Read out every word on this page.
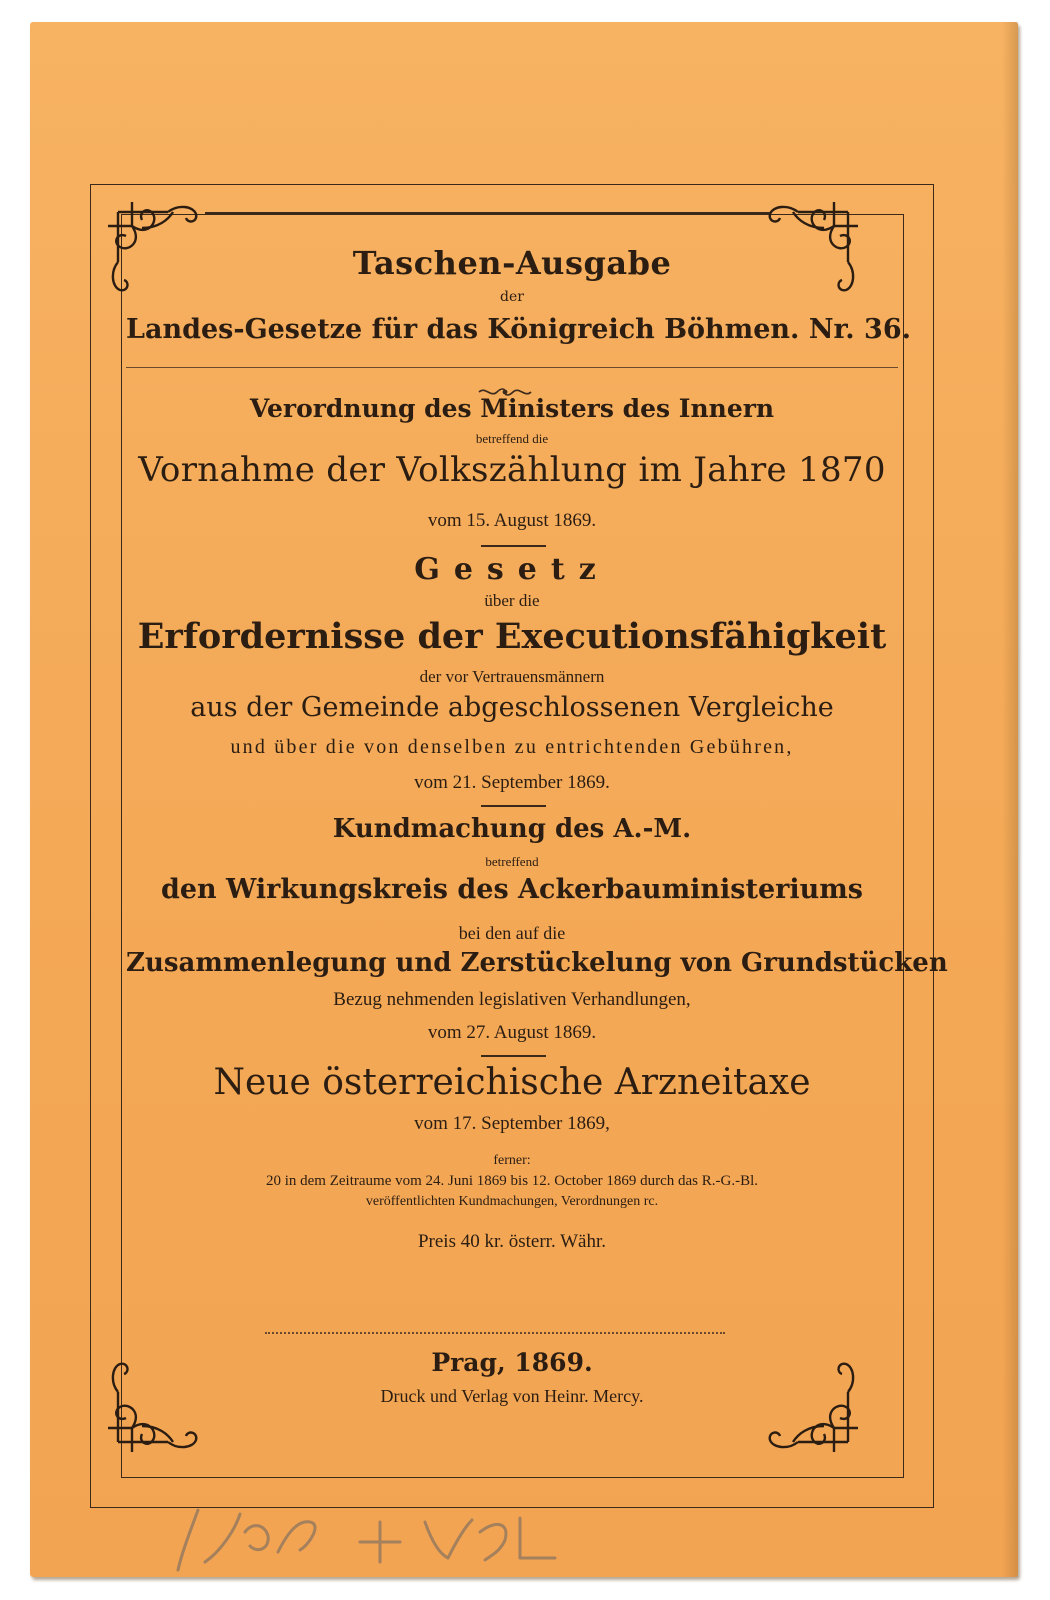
Taschen-Ausgabe
der
Landes-Gesetze für das Königreich Böhmen. Nr. 36.
Verordnung des Ministers des Innern
betreffend die
Vornahme der Volkszählung im Jahre 1870
vom 15. August 1869.
Gesetz
über die
Erfordernisse der Executionsfähigkeit
der vor Vertrauensmännern
aus der Gemeinde abgeschlossenen Vergleiche
und über die von denselben zu entrichtenden Gebühren,
vom 21. September 1869.
Kundmachung des A.-M.
betreffend
den Wirkungskreis des Ackerbauministeriums
bei den auf die
Zusammenlegung und Zerstückelung von Grundstücken
Bezug nehmenden legislativen Verhandlungen,
vom 27. August 1869.
Neue österreichische Arzneitaxe
vom 17. September 1869,
ferner:
20 in dem Zeitraume vom 24. Juni 1869 bis 12. October 1869 durch das R.-G.-Bl.
veröffentlichten Kundmachungen, Verordnungen rc.
Preis 40 kr. österr. Währ.
Prag, 1869.
Druck und Verlag von Heinr. Mercy.
